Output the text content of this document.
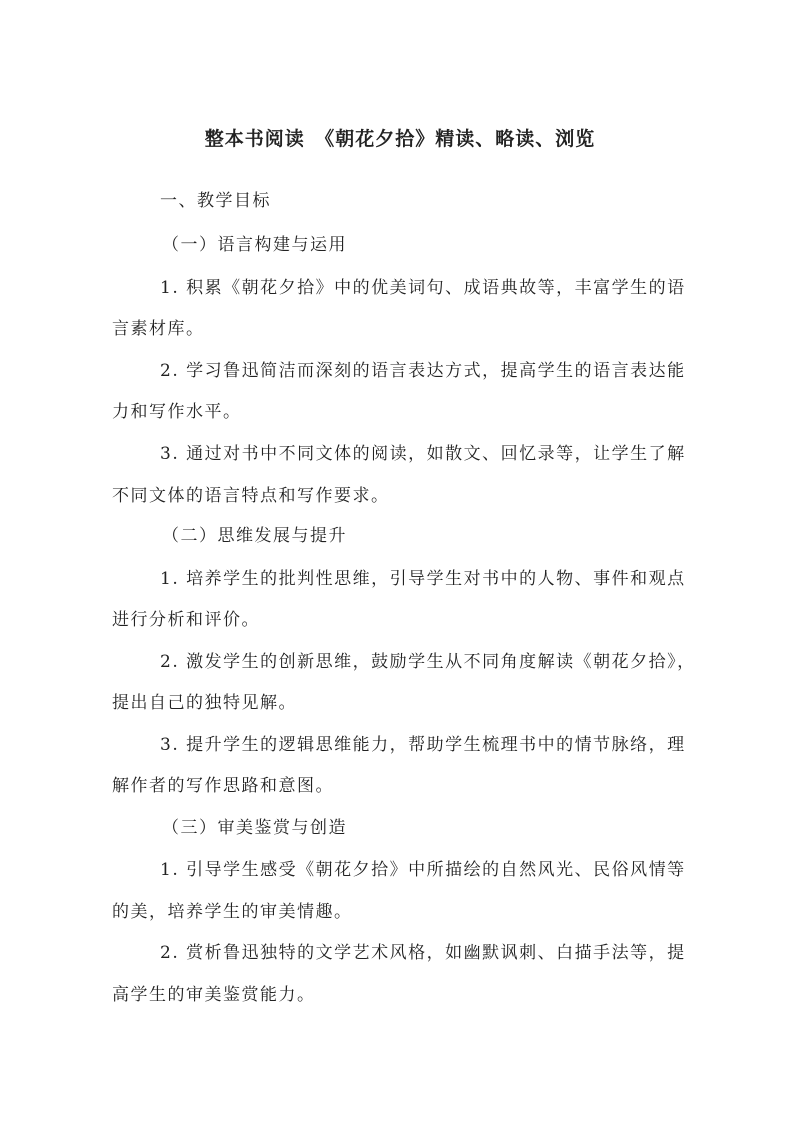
整本书阅读　《朝花夕拾》精读、略读、浏览
一、教学目标
（一）语言构建与运用
1. 积累《朝花夕拾》中的优美词句、成语典故等，丰富学生的语
言素材库。
2. 学习鲁迅简洁而深刻的语言表达方式，提高学生的语言表达能
力和写作水平。
3. 通过对书中不同文体的阅读，如散文、回忆录等，让学生了解
不同文体的语言特点和写作要求。
（二）思维发展与提升
1. 培养学生的批判性思维，引导学生对书中的人物、事件和观点
进行分析和评价。
2. 激发学生的创新思维，鼓励学生从不同角度解读《朝花夕拾》，
提出自己的独特见解。
3. 提升学生的逻辑思维能力，帮助学生梳理书中的情节脉络，理
解作者的写作思路和意图。
（三）审美鉴赏与创造
1. 引导学生感受《朝花夕拾》中所描绘的自然风光、民俗风情等
的美，培养学生的审美情趣。
2. 赏析鲁迅独特的文学艺术风格，如幽默讽刺、白描手法等，提
高学生的审美鉴赏能力。
